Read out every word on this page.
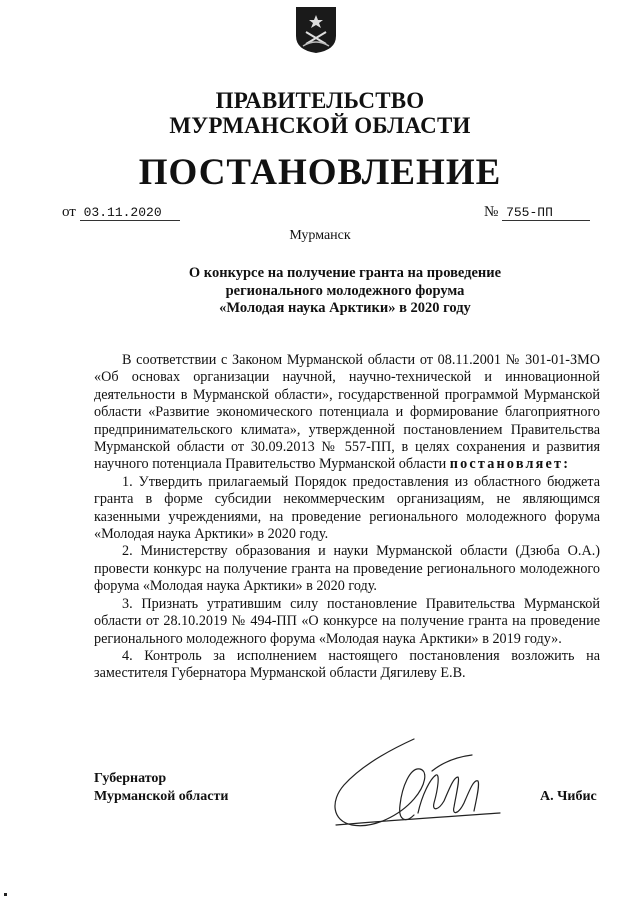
ПРАВИТЕЛЬСТВО
МУРМАНСКОЙ ОБЛАСТИ
ПОСТАНОВЛЕНИЕ
от 03.11.2020	№ 755-ПП
Мурманск
О конкурсе на получение гранта на проведение
регионального молодежного форума
«Молодая наука Арктики» в 2020 году

В соответствии с Законом Мурманской области от 08.11.2001 № 301-01-ЗМО «Об основах организации научной, научно-технической и инновационной деятельности в Мурманской области», государственной программой Мурманской области «Развитие экономического потенциала и формирование благоприятного предпринимательского климата», утвержденной постановлением Правительства Мурманской области от 30.09.2013 № 557-ПП, в целях сохранения и развития научного потенциала Правительство Мурманской области постановляет:

1. Утвердить прилагаемый Порядок предоставления из областного бюджета гранта в форме субсидии некоммерческим организациям, не являющимся казенными учреждениями, на проведение регионального молодежного форума «Молодая наука Арктики» в 2020 году.

2. Министерству образования и науки Мурманской области (Дзюба О.А.) провести конкурс на получение гранта на проведение регионального молодежного форума «Молодая наука Арктики» в 2020 году.

3. Признать утратившим силу постановление Правительства Мурманской области от 28.10.2019 № 494-ПП «О конкурсе на получение гранта на проведение регионального молодежного форума «Молодая наука Арктики» в 2019 году».

4. Контроль за исполнением настоящего постановления возложить на заместителя Губернатора Мурманской области Дягилеву Е.В.

Губернатор
Мурманской области	А. Чибис
